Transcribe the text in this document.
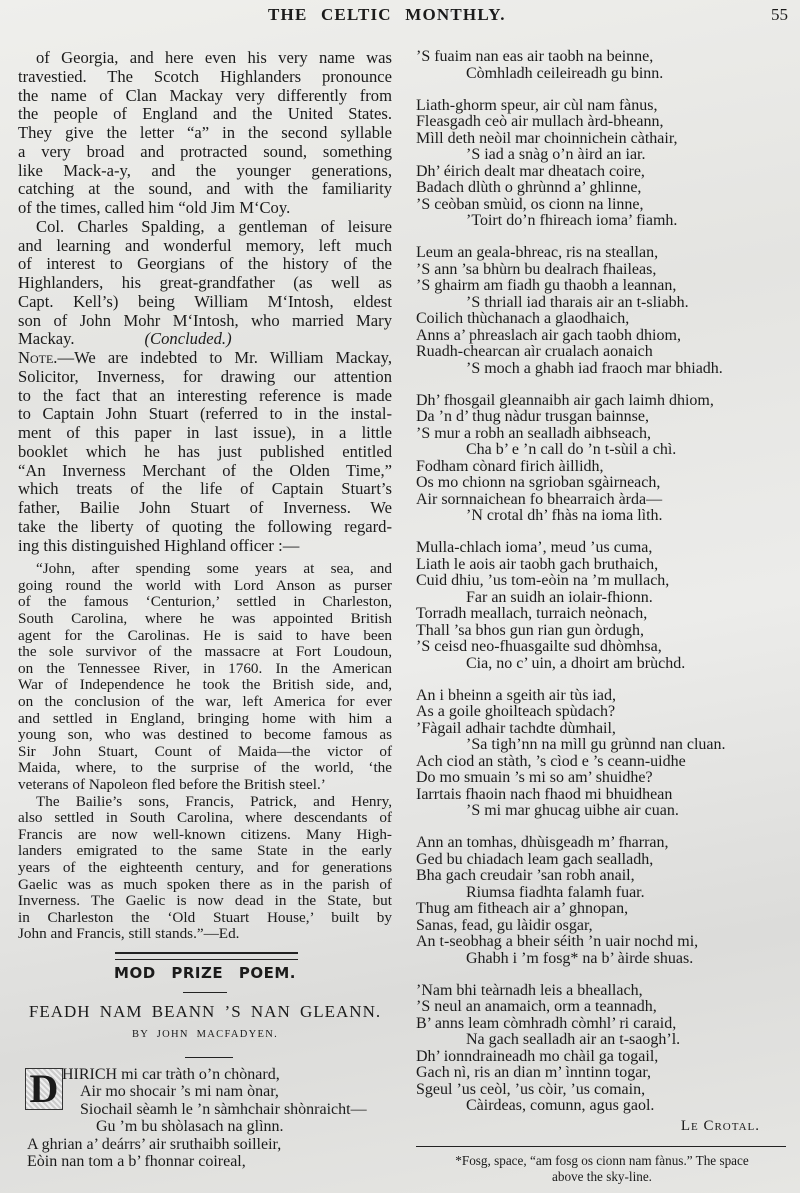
THE CELTIC MONTHLY.	55
of Georgia, and here even his very name was
travestied. The Scotch Highlanders pronounce
the name of Clan Mackay very differently from
the people of England and the United States.
They give the letter “a” in the second syllable
a very broad and protracted sound, something
like Mack-a-y, and the younger generations,
catching at the sound, and with the familiarity
of the times, called him “old Jim M‘Coy.
Col. Charles Spalding, a gentleman of leisure
and learning and wonderful memory, left much
of interest to Georgians of the history of the
Highlanders, his great-grandfather (as well as
Capt. Kell’s) being William M‘Intosh, eldest
son of John Mohr M‘Intosh, who married Mary
Mackay.	(Concluded.)
Note.—We are indebted to Mr. William Mackay,
Solicitor, Inverness, for drawing our attention
to the fact that an interesting reference is made
to Captain John Stuart (referred to in the instal-
ment of this paper in last issue), in a little
booklet which he has just published entitled
“An Inverness Merchant of the Olden Time,”
which treats of the life of Captain Stuart’s
father, Bailie John Stuart of Inverness. We
take the liberty of quoting the following regard-
ing this distinguished Highland officer :—
“John, after spending some years at sea, and
going round the world with Lord Anson as purser
of the famous ‘Centurion,’ settled in Charleston,
South Carolina, where he was appointed British
agent for the Carolinas. He is said to have been
the sole survivor of the massacre at Fort Loudoun,
on the Tennessee River, in 1760. In the American
War of Independence he took the British side, and,
on the conclusion of the war, left America for ever
and settled in England, bringing home with him a
young son, who was destined to become famous as
Sir John Stuart, Count of Maida—the victor of
Maida, where, to the surprise of the world, ‘the
veterans of Napoleon fled before the British steel.’
The Bailie’s sons, Francis, Patrick, and Henry,
also settled in South Carolina, where descendants of
Francis are now well-known citizens. Many High-
landers emigrated to the same State in the early
years of the eighteenth century, and for generations
Gaelic was as much spoken there as in the parish of
Inverness. The Gaelic is now dead in the State, but
in Charleston the ‘Old Stuart House,’ built by
John and Francis, still stands.”—Ed.
MOD PRIZE POEM.
FEADH NAM BEANN ’S NAN GLEANN.
BY JOHN MACFADYEN.
D HIRICH mi car tràth o’n chònard,
Air mo shocair ’s mi nam ònar,
Siochail sèamh le ’n sàmhchair shònraicht—
Gu ’m bu shòlasach na glìnn.
A ghrian a’ deárrs’ air sruthaibh soilleir,
Eòin nan tom a b’ fhonnar coireal,
’S fuaim nan eas air taobh na beinne,
Còmhladh ceileireadh gu binn.
Liath-ghorm speur, air cùl nam fànus,
Fleasgadh ceò air mullach àrd-bheann,
Mìll deth neòil mar choinnichein càthair,
’S iad a snàg o’n àird an iar.
Dh’ éirich dealt mar dheatach coire,
Badach dlùth o ghrùnnd a’ ghlinne,
’S ceòban smùid, os cionn na linne,
’Toirt do’n fhireach ioma’ fiamh.
Leum an geala-bhreac, ris na steallan,
’S ann ’sa bhùrn bu dealrach fhaileas,
’S ghairm am fiadh gu thaobh a leannan,
’S thriall iad tharais air an t-sliabh.
Coilich thùchanach a glaodhaich,
Anns a’ phreaslach air gach taobh dhiom,
Ruadh-chearcan aìr crualach aonaich
’S moch a ghabh iad fraoch mar bhiadh.
Dh’ fhosgail gleannaibh air gach laimh dhiom,
Da ’n d’ thug nàdur trusgan bainnse,
’S mur a robh an sealladh aibhseach,
Cha b’ e ’n call do ’n t-sùil a chì.
Fodham cònard firich àillidh,
Os mo chionn na sgrioban sgàirneach,
Air sornnaichean fo bhearraich àrda—
’N crotal dh’ fhàs na ioma lìth.
Mulla-chlach ioma’, meud ’us cuma,
Liath le aois air taobh gach bruthaich,
Cuid dhiu, ’us tom-eòin na ’m mullach,
Far an suidh an iolair-fhionn.
Torradh meallach, turraich neònach,
Thall ’sa bhos gun rian gun òrdugh,
’S ceisd neo-fhuasgailte sud dhòmhsa,
Cia, no c’ uin, a dhoirt am brùchd.
An i bheinn a sgeith air tùs iad,
As a goile ghoilteach spùdach?
’Fàgail adhair tachdte dùmhail,
’Sa tigh’nn na mìll gu grùnnd nan cluan.
Ach ciod an stàth, ’s cìod e ’s ceann-uidhe
Do mo smuain ’s mi so am’ shuidhe?
Iarrtais fhaoin nach fhaod mi bhuidhean
’S mi mar ghucag uibhe air cuan.
Ann an tomhas, dhùisgeadh m’ fharran,
Ged bu chiadach leam gach sealladh,
Bha gach creudair ’san robh anail,
Riumsa fiadhta falamh fuar.
Thug am fitheach air a’ ghnopan,
Sanas, fead, gu làidir osgar,
An t-seobhag a bheir séith ’n uair nochd mi,
Ghabh i ’m fosg* na b’ àirde shuas.
’Nam bhi teàrnadh leis a bheallach,
’S neul an anamaich, orm a teannadh,
B’ anns leam còmhradh còmhl’ ri caraid,
Na gach sealladh air an t-saogh’l.
Dh’ ionndraineadh mo chàil ga togail,
Gach nì, ris an dian m’ ìnntinn togar,
Sgeul ’us ceòl, ’us còir, ’us comain,
Càirdeas, comunn, agus gaol.
Le Crotal.
*Fosg, space, “am fosg os cionn nam fànus.” The space
above the sky-line.
